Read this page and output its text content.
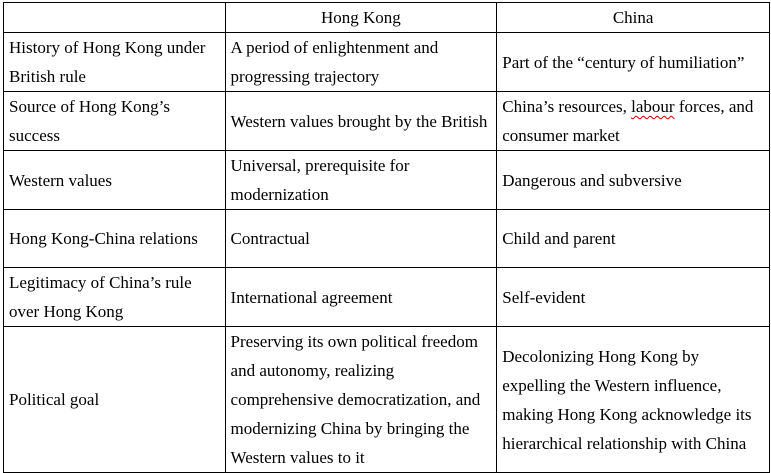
	Hong Kong	China
History of Hong Kong under British rule	A period of enlightenment and progressing trajectory	Part of the “century of humiliation”
Source of Hong Kong’s success	Western values brought by the British	China’s resources, labour forces, and consumer market
Western values	Universal, prerequisite for modernization	Dangerous and subversive
Hong Kong-China relations	Contractual	Child and parent
Legitimacy of China’s rule over Hong Kong	International agreement	Self-evident
Political goal	Preserving its own political freedom and autonomy, realizing comprehensive democratization, and modernizing China by bringing the Western values to it	Decolonizing Hong Kong by expelling the Western influence, making Hong Kong acknowledge its hierarchical relationship with China
